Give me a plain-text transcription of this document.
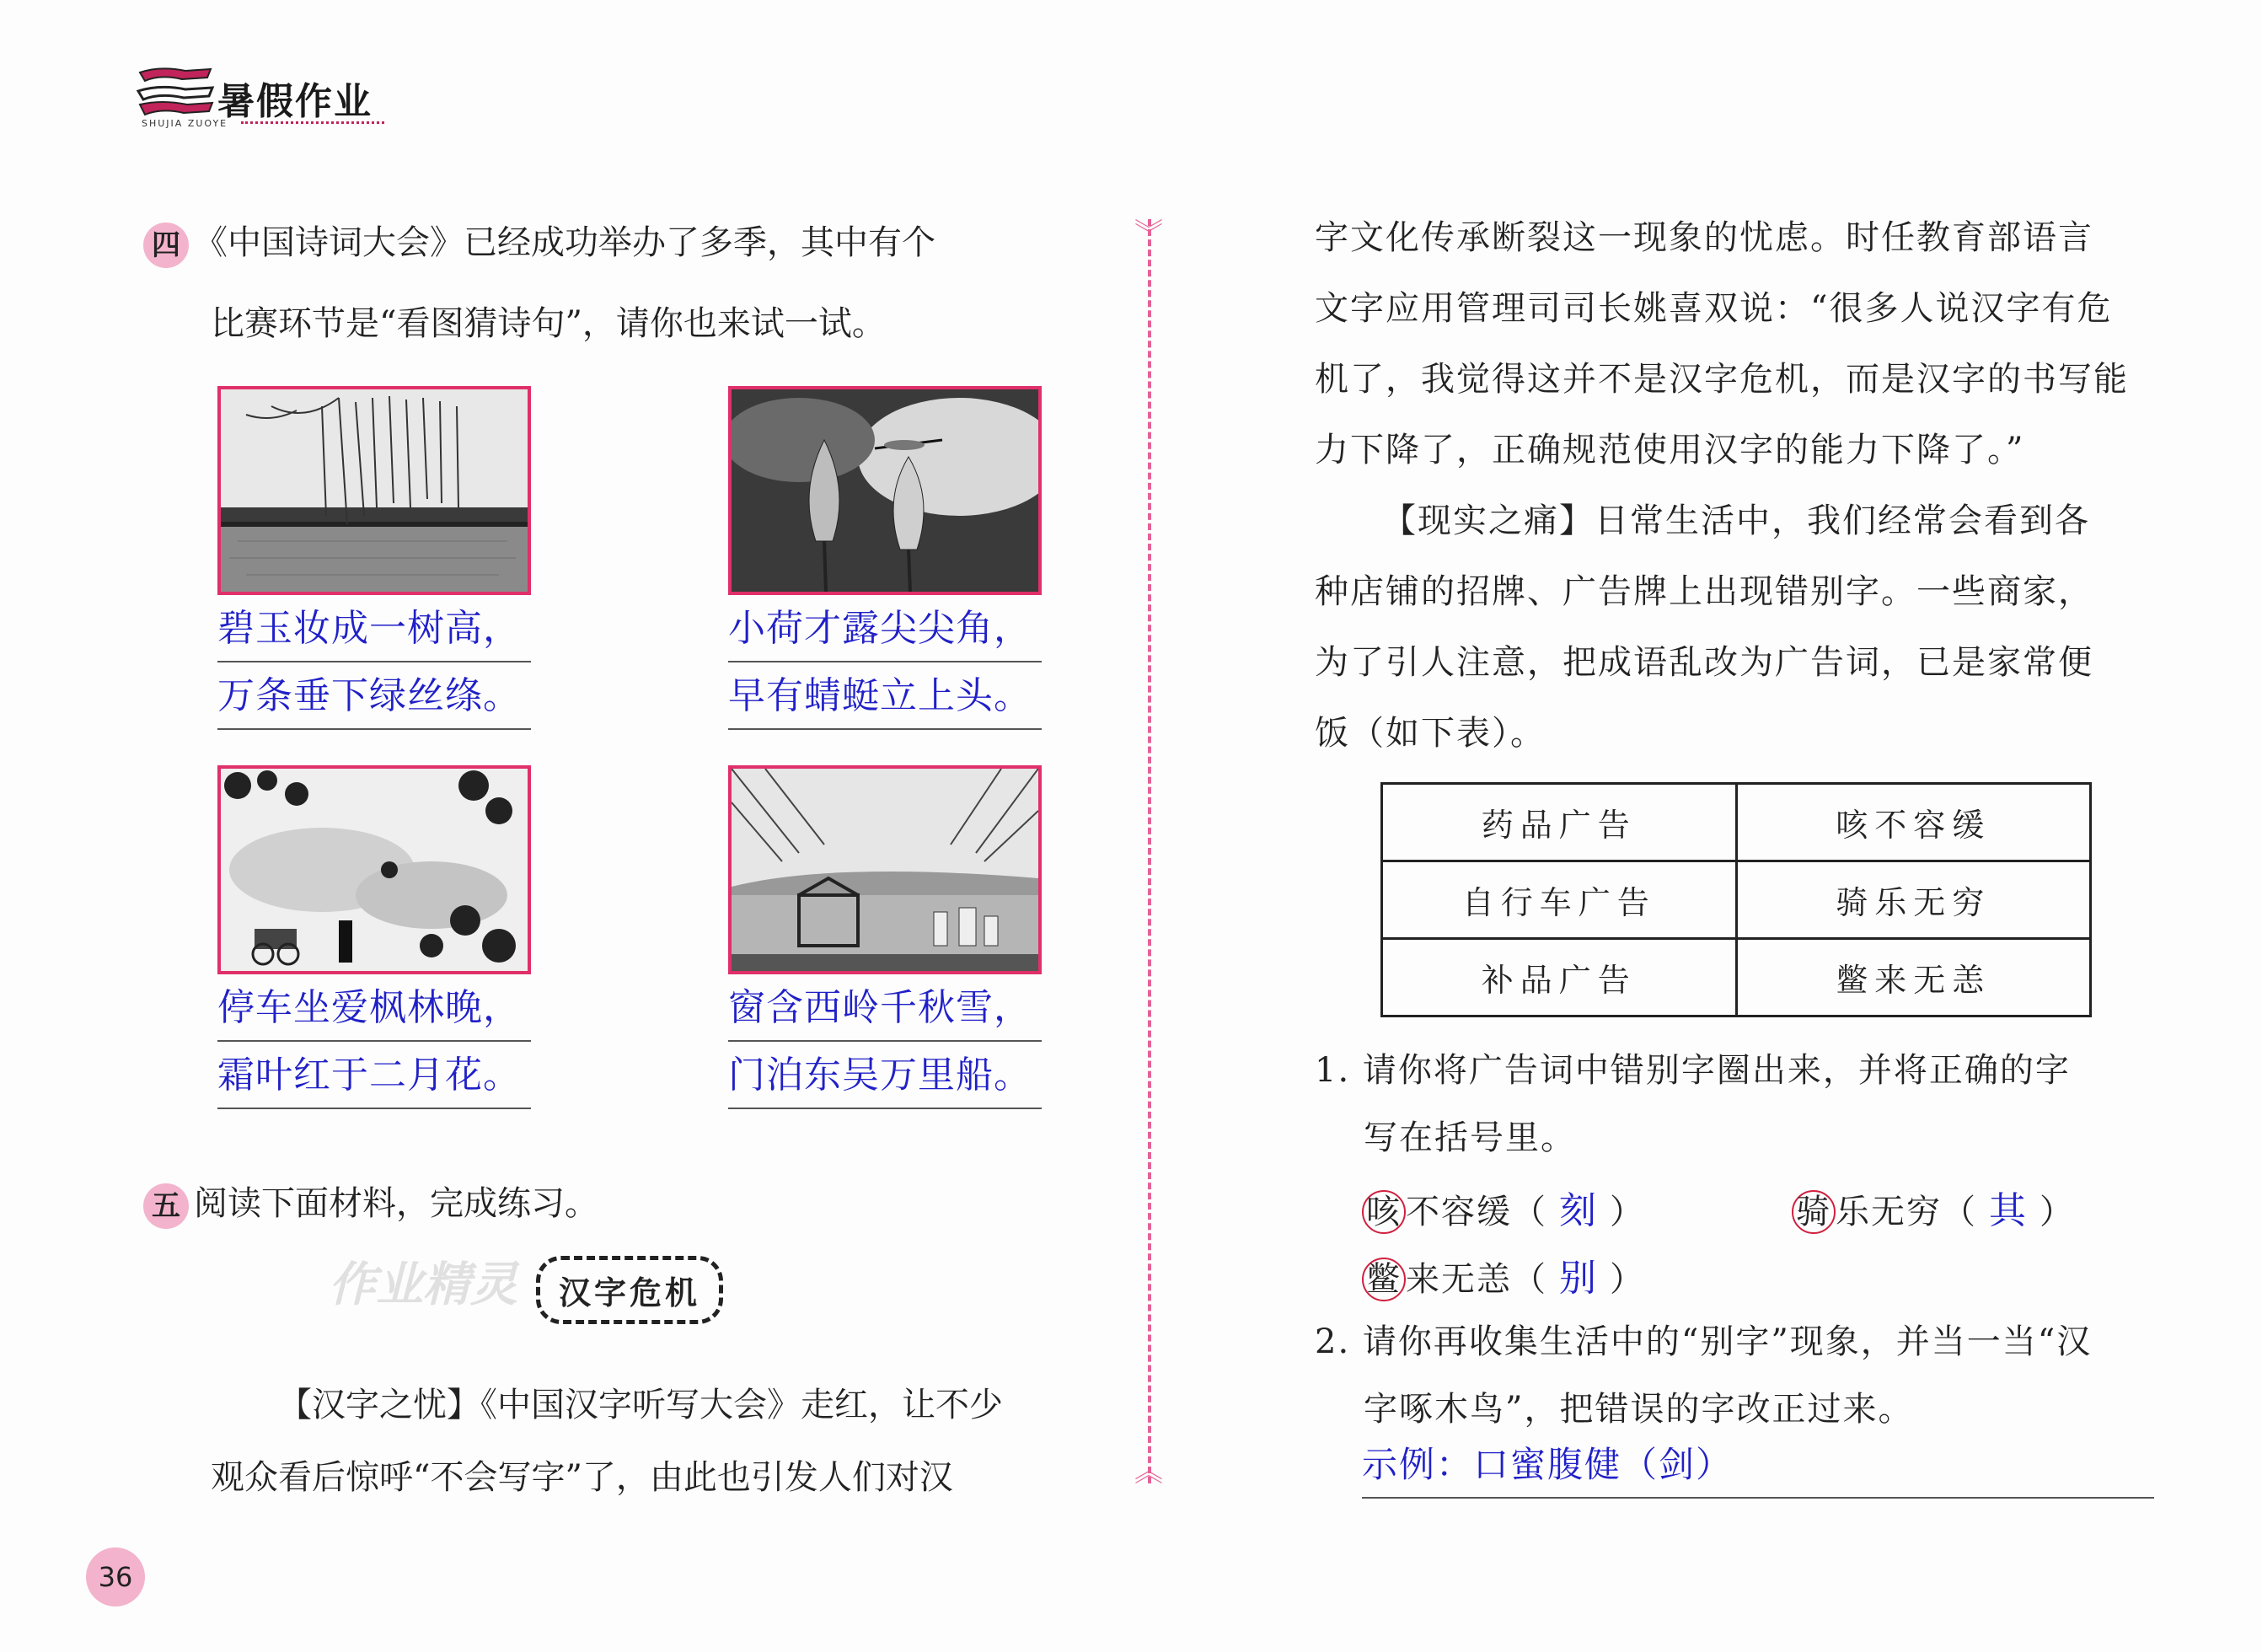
暑假作业
SHUJIA ZUOYE
四 《中国诗词大会》已经成功举办了多季，其中有个
比赛环节是“看图猜诗句”，请你也来试一试。
碧玉妆成一树高，
万条垂下绿丝绦。
小荷才露尖尖角，
早有蜻蜓立上头。
停车坐爱枫林晚，
霜叶红于二月花。
窗含西岭千秋雪，
门泊东吴万里船。
五 阅读下面材料，完成练习。
作业精灵	汉字危机
【汉字之忧】《中国汉字听写大会》走红，让不少
观众看后惊呼“不会写字”了，由此也引发人们对汉
︾
︽
字文化传承断裂这一现象的忧虑。时任教育部语言
文字应用管理司司长姚喜双说：“很多人说汉字有危
机了，我觉得这并不是汉字危机，而是汉字的书写能
力下降了，正确规范使用汉字的能力下降了。”
【现实之痛】日常生活中，我们经常会看到各
种店铺的招牌、广告牌上出现错别字。一些商家，
为了引人注意，把成语乱改为广告词，已是家常便
饭（如下表）。
药品广告	咳不容缓
自行车广告	骑乐无穷
补品广告	鳖来无恙
1. 请你将广告词中错别字圈出来，并将正确的字
写在括号里。
咳 不容缓（ 刻 ）	骑 乐无穷（ 其 ）
鳖 来无恙（ 别 ）
2. 请你再收集生活中的“别字”现象，并当一当“汉
字啄木鸟”，把错误的字改正过来。
示例：口蜜腹健（剑）
36
